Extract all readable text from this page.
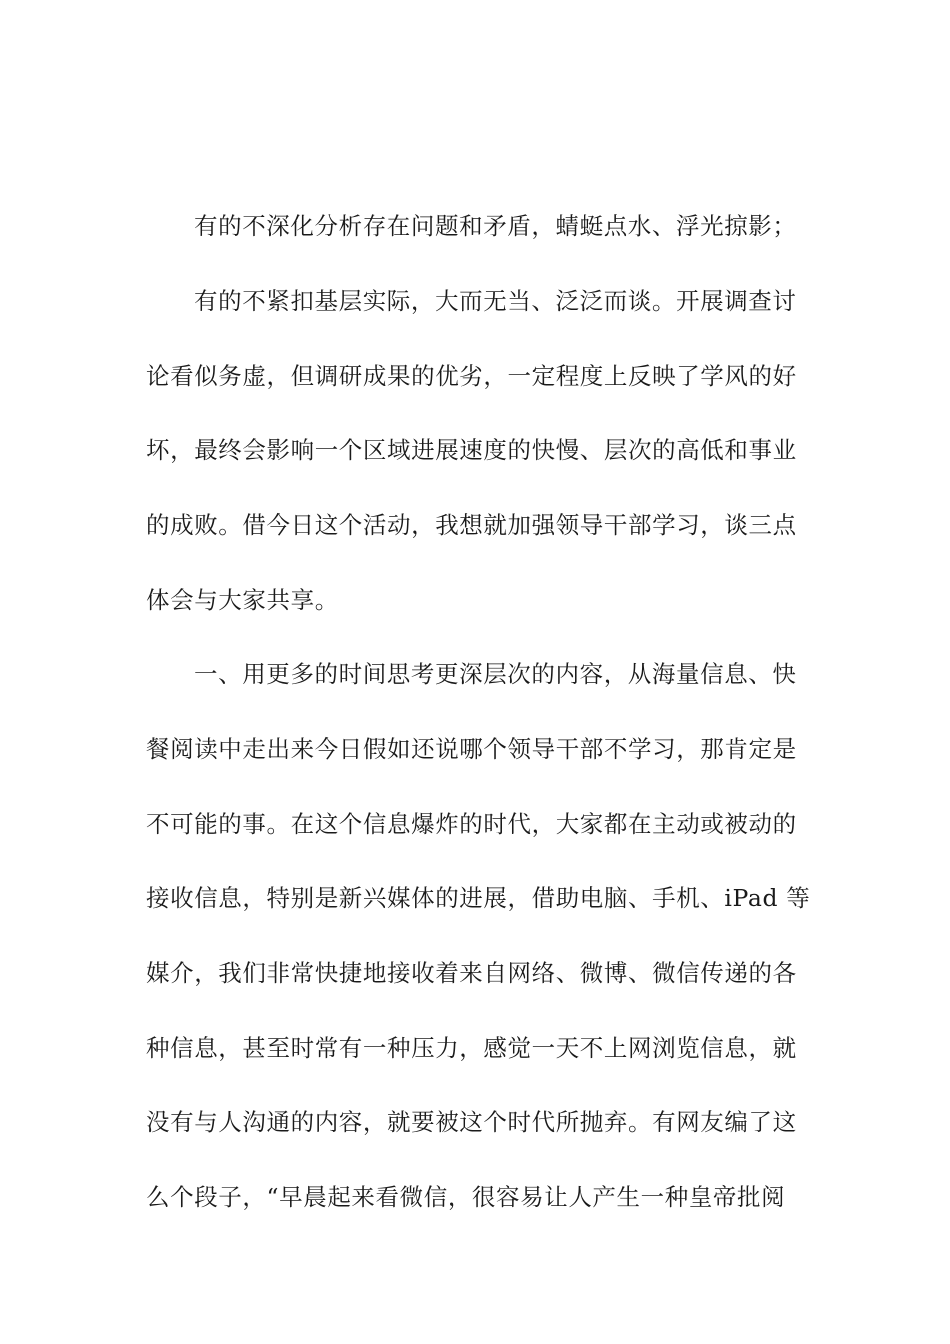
有的不深化分析存在问题和矛盾，蜻蜓点水、浮光掠影；
有的不紧扣基层实际，大而无当、泛泛而谈。开展调查讨
论看似务虚，但调研成果的优劣，一定程度上反映了学风的好
坏，最终会影响一个区域进展速度的快慢、层次的高低和事业
的成败。借今日这个活动，我想就加强领导干部学习，谈三点
体会与大家共享。
一、用更多的时间思考更深层次的内容，从海量信息、快
餐阅读中走出来今日假如还说哪个领导干部不学习，那肯定是
不可能的事。在这个信息爆炸的时代，大家都在主动或被动的
接收信息，特别是新兴媒体的进展，借助电脑、手机、iPad 等
媒介，我们非常快捷地接收着来自网络、微博、微信传递的各
种信息，甚至时常有一种压力，感觉一天不上网浏览信息，就
没有与人沟通的内容，就要被这个时代所抛弃。有网友编了这
么个段子，“早晨起来看微信，很容易让人产生一种皇帝批阅
